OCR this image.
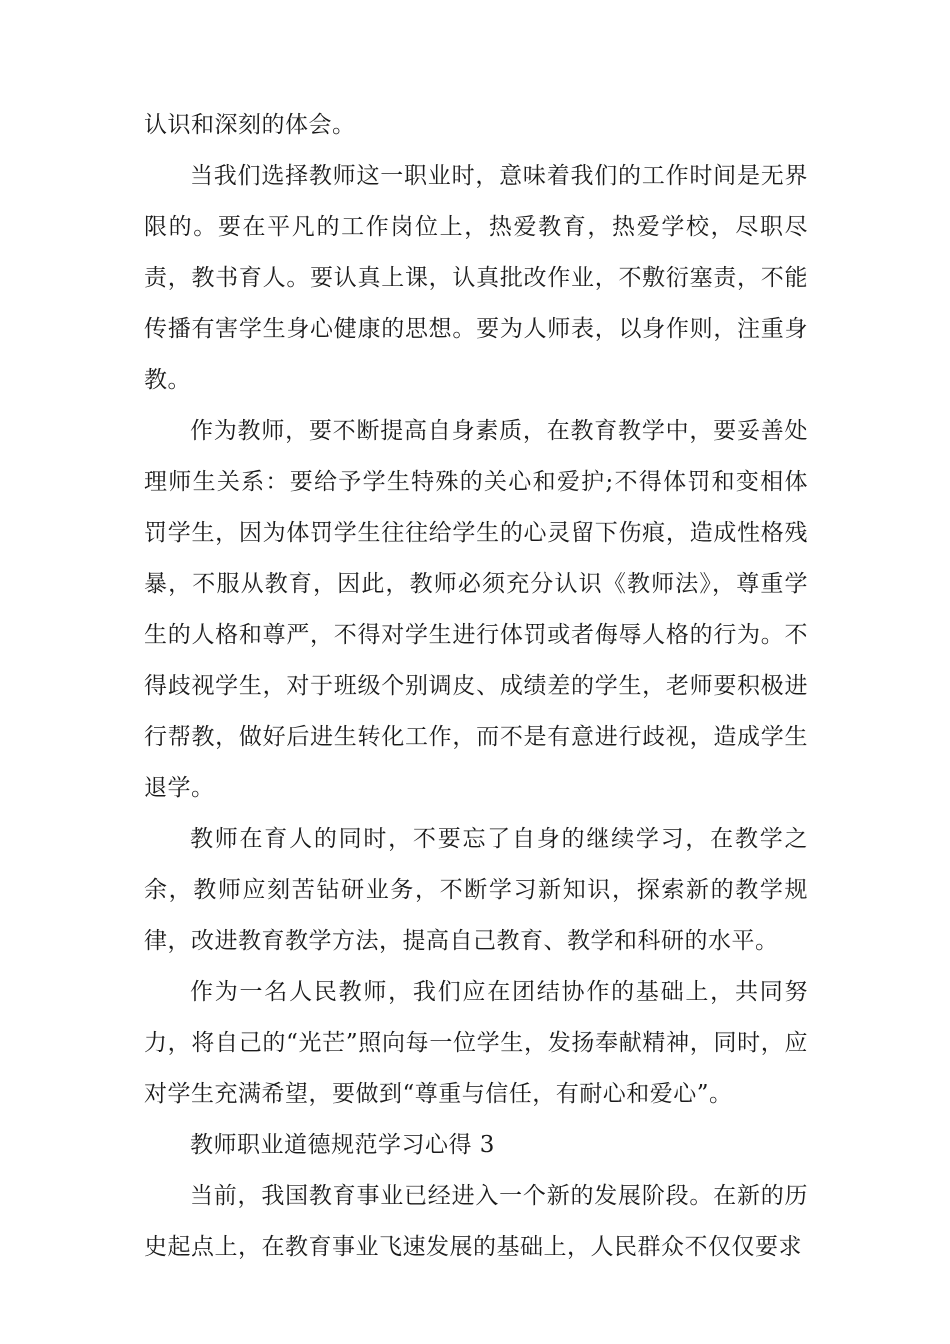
认识和深刻的体会。

当我们选择教师这一职业时，意味着我们的工作时间是无界限的。要在平凡的工作岗位上，热爱教育，热爱学校，尽职尽责，教书育人。要认真上课，认真批改作业，不敷衍塞责，不能传播有害学生身心健康的思想。要为人师表，以身作则，注重身教。

作为教师，要不断提高自身素质，在教育教学中，要妥善处理师生关系：要给予学生特殊的关心和爱护;不得体罚和变相体罚学生，因为体罚学生往往给学生的心灵留下伤痕，造成性格残暴，不服从教育，因此，教师必须充分认识《教师法》，尊重学生的人格和尊严，不得对学生进行体罚或者侮辱人格的行为。不得歧视学生，对于班级个别调皮、成绩差的学生，老师要积极进行帮教，做好后进生转化工作，而不是有意进行歧视，造成学生退学。

教师在育人的同时，不要忘了自身的继续学习，在教学之余，教师应刻苦钻研业务，不断学习新知识，探索新的教学规律，改进教育教学方法，提高自己教育、教学和科研的水平。

作为一名人民教师，我们应在团结协作的基础上，共同努力，将自己的“光芒”照向每一位学生，发扬奉献精神，同时，应对学生充满希望，要做到“尊重与信任，有耐心和爱心”。

教师职业道德规范学习心得 3

当前，我国教育事业已经进入一个新的发展阶段。在新的历史起点上，在教育事业飞速发展的基础上，人民群众不仅仅要求
